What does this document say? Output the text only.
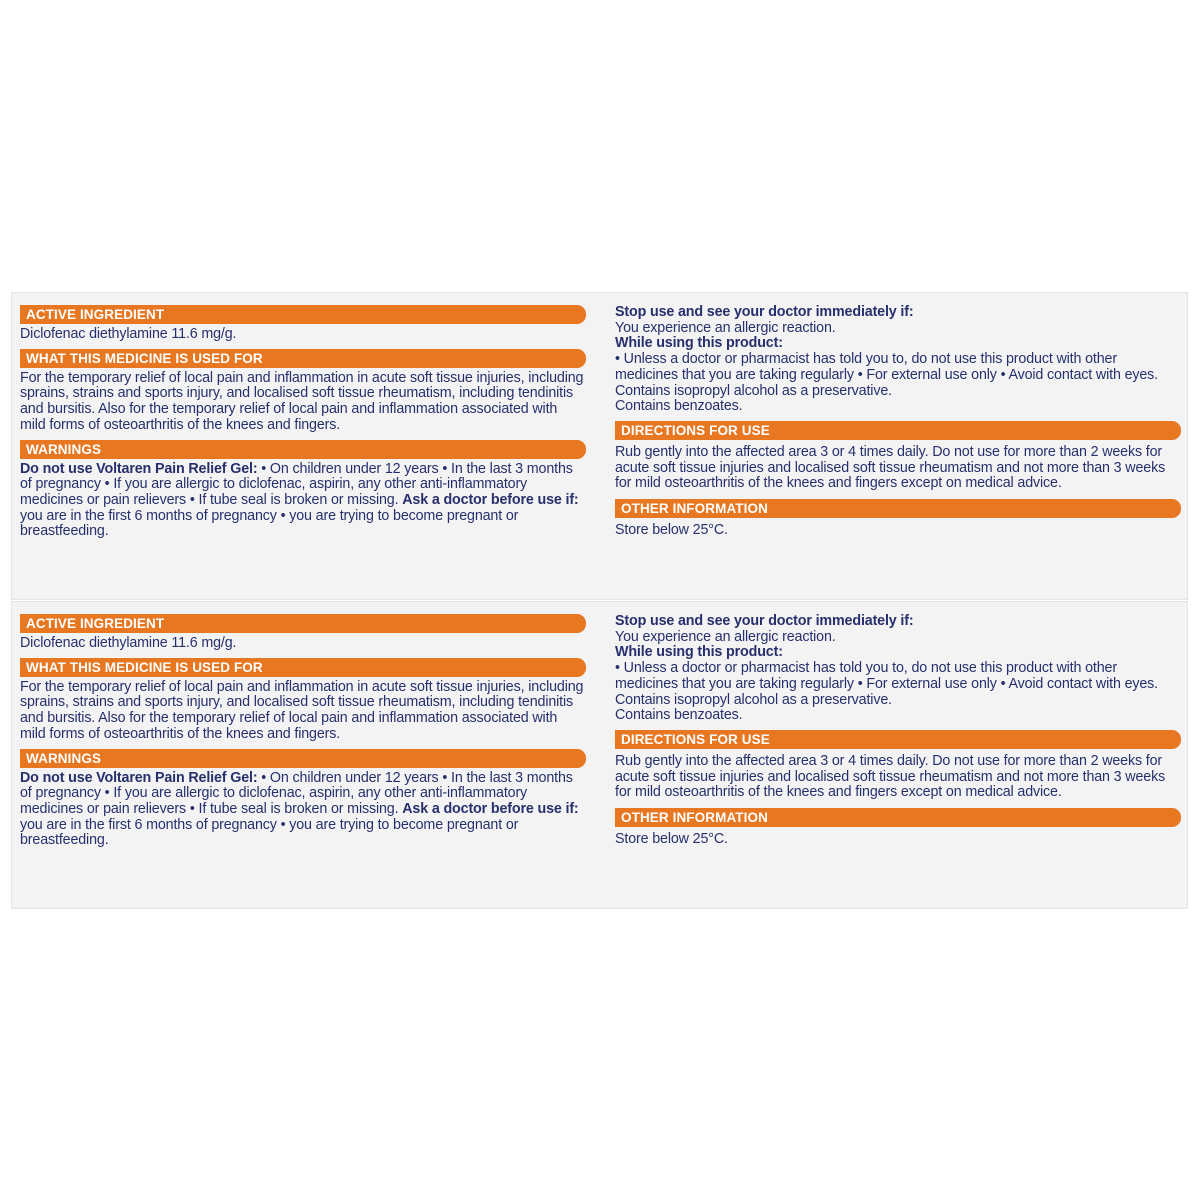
ACTIVE INGREDIENT
Diclofenac diethylamine 11.6 mg/g.
WHAT THIS MEDICINE IS USED FOR
For the temporary relief of local pain and inflammation in acute soft tissue injuries, including sprains, strains and sports injury, and localised soft tissue rheumatism, including tendinitis and bursitis. Also for the temporary relief of local pain and inflammation associated with mild forms of osteoarthritis of the knees and fingers.
WARNINGS
Do not use Voltaren Pain Relief Gel: • On children under 12 years • In the last 3 months of pregnancy • If you are allergic to diclofenac, aspirin, any other anti-inflammatory medicines or pain relievers • If tube seal is broken or missing. Ask a doctor before use if: you are in the first 6 months of pregnancy • you are trying to become pregnant or breastfeeding.
Stop use and see your doctor immediately if:
You experience an allergic reaction.
While using this product:
• Unless a doctor or pharmacist has told you to, do not use this product with other medicines that you are taking regularly • For external use only • Avoid contact with eyes.
Contains isopropyl alcohol as a preservative.
Contains benzoates.
DIRECTIONS FOR USE
Rub gently into the affected area 3 or 4 times daily. Do not use for more than 2 weeks for acute soft tissue injuries and localised soft tissue rheumatism and not more than 3 weeks for mild osteoarthritis of the knees and fingers except on medical advice.
OTHER INFORMATION
Store below 25°C.
ACTIVE INGREDIENT
Diclofenac diethylamine 11.6 mg/g.
WHAT THIS MEDICINE IS USED FOR
For the temporary relief of local pain and inflammation in acute soft tissue injuries, including sprains, strains and sports injury, and localised soft tissue rheumatism, including tendinitis and bursitis. Also for the temporary relief of local pain and inflammation associated with mild forms of osteoarthritis of the knees and fingers.
WARNINGS
Do not use Voltaren Pain Relief Gel: • On children under 12 years • In the last 3 months of pregnancy • If you are allergic to diclofenac, aspirin, any other anti-inflammatory medicines or pain relievers • If tube seal is broken or missing. Ask a doctor before use if: you are in the first 6 months of pregnancy • you are trying to become pregnant or breastfeeding.
Stop use and see your doctor immediately if:
You experience an allergic reaction.
While using this product:
• Unless a doctor or pharmacist has told you to, do not use this product with other medicines that you are taking regularly • For external use only • Avoid contact with eyes.
Contains isopropyl alcohol as a preservative.
Contains benzoates.
DIRECTIONS FOR USE
Rub gently into the affected area 3 or 4 times daily. Do not use for more than 2 weeks for acute soft tissue injuries and localised soft tissue rheumatism and not more than 3 weeks for mild osteoarthritis of the knees and fingers except on medical advice.
OTHER INFORMATION
Store below 25°C.
